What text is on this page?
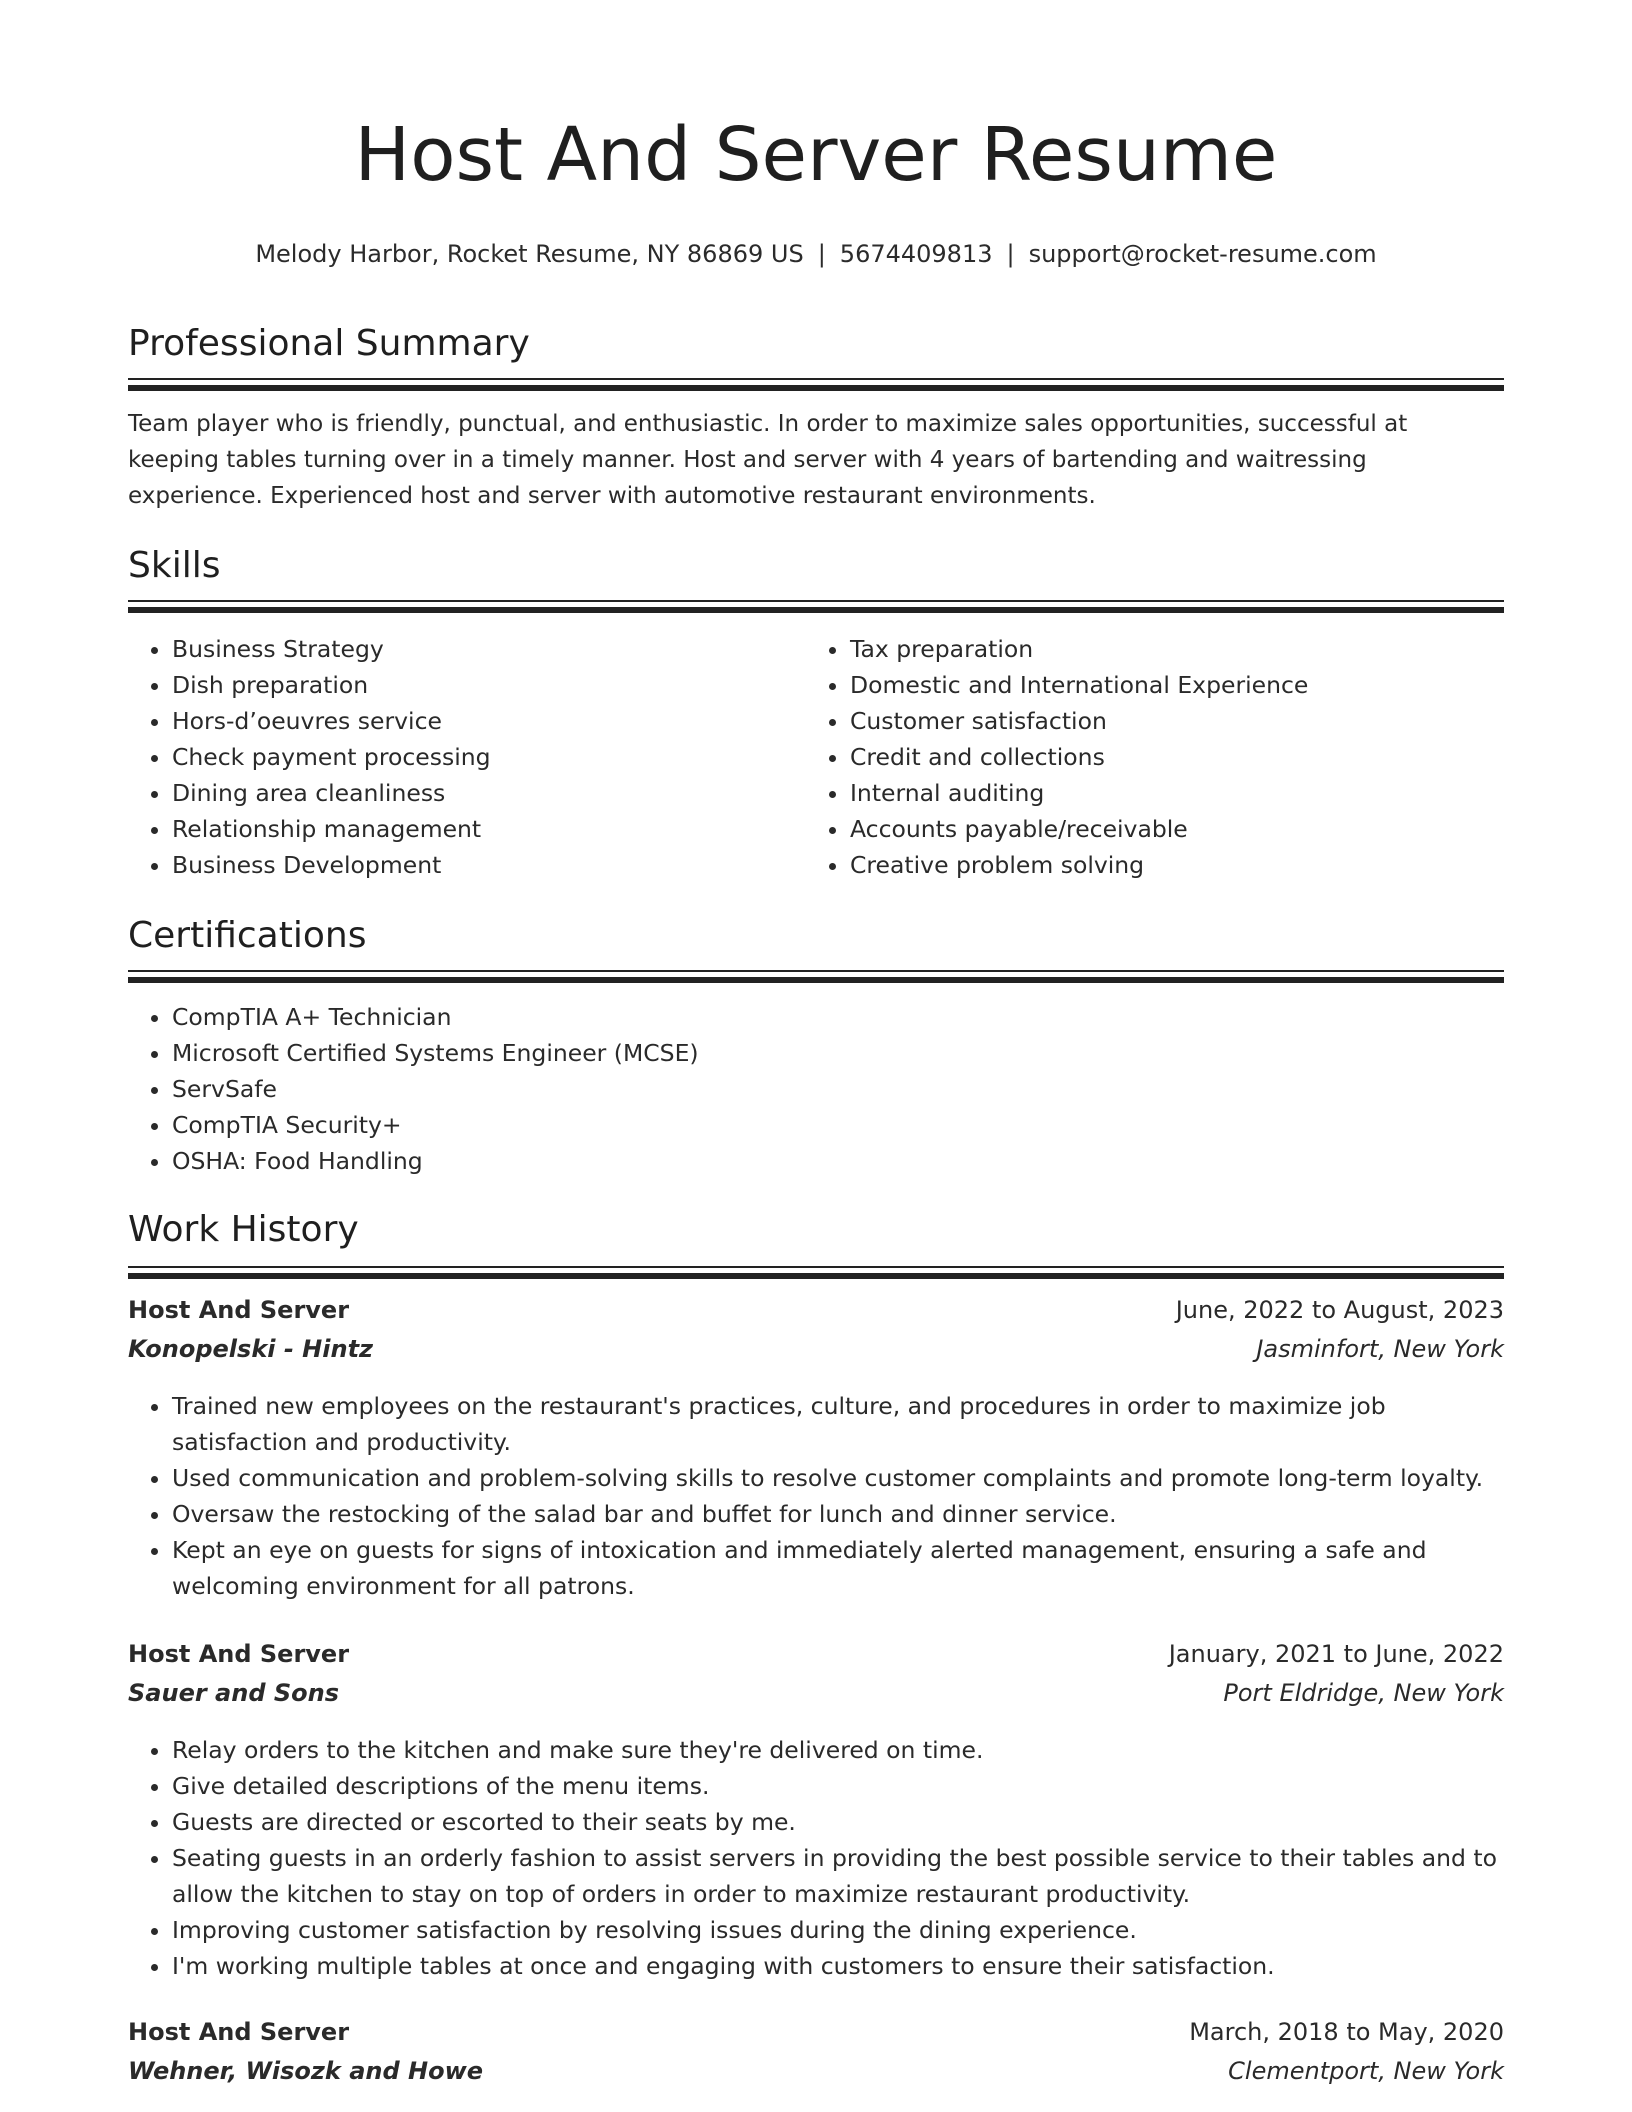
Host And Server Resume
Melody Harbor, Rocket Resume, NY 86869 US | 5674409813 | support@rocket-resume.com
Professional Summary

Team player who is friendly, punctual, and enthusiastic. In order to maximize sales opportunities, successful at keeping tables turning over in a timely manner. Host and server with 4 years of bartending and waitressing experience. Experienced host and server with automotive restaurant environments.

Skills
• Business Strategy
• Dish preparation
• Hors-d’oeuvres service
• Check payment processing
• Dining area cleanliness
• Relationship management
• Business Development
• Tax preparation
• Domestic and International Experience
• Customer satisfaction
• Credit and collections
• Internal auditing
• Accounts payable/receivable
• Creative problem solving
Certifications
• CompTIA A+ Technician
• Microsoft Certified Systems Engineer (MCSE)
• ServSafe
• CompTIA Security+
• OSHA: Food Handling
Work History
Host And Server	June, 2022 to August, 2023
Konopelski - Hintz	Jasminfort, New York
• Trained new employees on the restaurant's practices, culture, and procedures in order to maximize job satisfaction and productivity.
• Used communication and problem-solving skills to resolve customer complaints and promote long-term loyalty.
• Oversaw the restocking of the salad bar and buffet for lunch and dinner service.
• Kept an eye on guests for signs of intoxication and immediately alerted management, ensuring a safe and welcoming environment for all patrons.
Host And Server	January, 2021 to June, 2022
Sauer and Sons	Port Eldridge, New York
• Relay orders to the kitchen and make sure they're delivered on time.
• Give detailed descriptions of the menu items.
• Guests are directed or escorted to their seats by me.
• Seating guests in an orderly fashion to assist servers in providing the best possible service to their tables and to allow the kitchen to stay on top of orders in order to maximize restaurant productivity.
• Improving customer satisfaction by resolving issues during the dining experience.
• I'm working multiple tables at once and engaging with customers to ensure their satisfaction.
Host And Server	March, 2018 to May, 2020
Wehner, Wisozk and Howe	Clementport, New York
